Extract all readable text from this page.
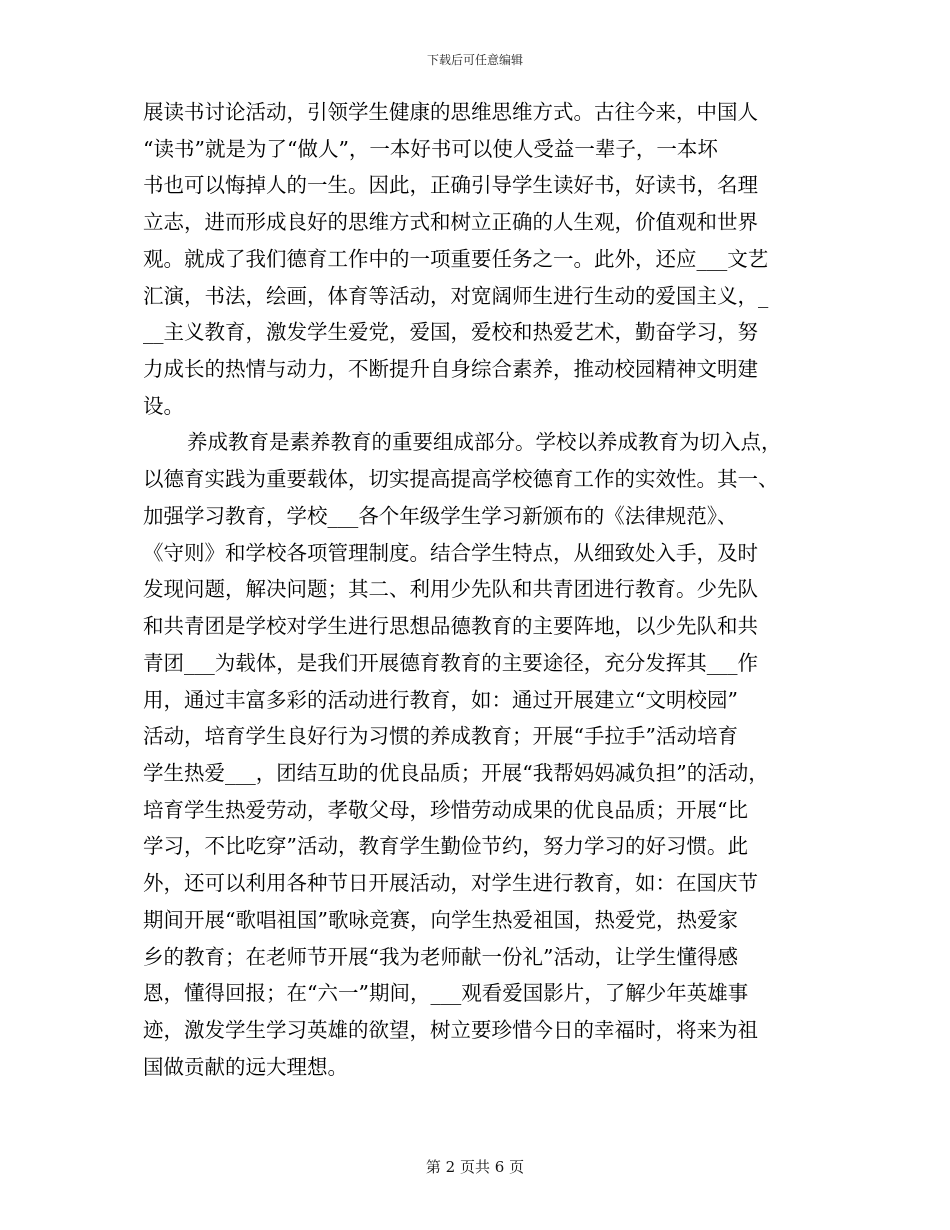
下载后可任意编辑
展读书讨论活动，引领学生健康的思维思维方式。古往今来，中国人
“读书”就是为了“做人”，一本好书可以使人受益一辈子，一本坏
书也可以悔掉人的一生。因此，正确引导学生读好书，好读书，名理
立志，进而形成良好的思维方式和树立正确的人生观，价值观和世界
观。就成了我们德育工作中的一项重要任务之一。此外，还应___文艺
汇演，书法，绘画，体育等活动，对宽阔师生进行生动的爱国主义，_
__主义教育，激发学生爱党，爱国，爱校和热爱艺术，勤奋学习，努
力成长的热情与动力，不断提升自身综合素养，推动校园精神文明建
设。
养成教育是素养教育的重要组成部分。学校以养成教育为切入点，
以德育实践为重要载体，切实提高提高学校德育工作的实效性。其一、
加强学习教育，学校___各个年级学生学习新颁布的《法律规范》、
《守则》和学校各项管理制度。结合学生特点，从细致处入手，及时
发现问题，解决问题；其二、利用少先队和共青团进行教育。少先队
和共青团是学校对学生进行思想品德教育的主要阵地，以少先队和共
青团___为载体，是我们开展德育教育的主要途径，充分发挥其___作
用，通过丰富多彩的活动进行教育，如：通过开展建立“文明校园”
活动，培育学生良好行为习惯的养成教育；开展“手拉手”活动培育
学生热爱___，团结互助的优良品质；开展“我帮妈妈减负担”的活动，
培育学生热爱劳动，孝敬父母，珍惜劳动成果的优良品质；开展“比
学习，不比吃穿”活动，教育学生勤俭节约，努力学习的好习惯。此
外，还可以利用各种节日开展活动，对学生进行教育，如：在国庆节
期间开展“歌唱祖国”歌咏竞赛，向学生热爱祖国，热爱党，热爱家
乡的教育；在老师节开展“我为老师献一份礼”活动，让学生懂得感
恩，懂得回报；在“六一”期间，___观看爱国影片，了解少年英雄事
迹，激发学生学习英雄的欲望，树立要珍惜今日的幸福时，将来为祖
国做贡献的远大理想。
第 2 页共 6 页
